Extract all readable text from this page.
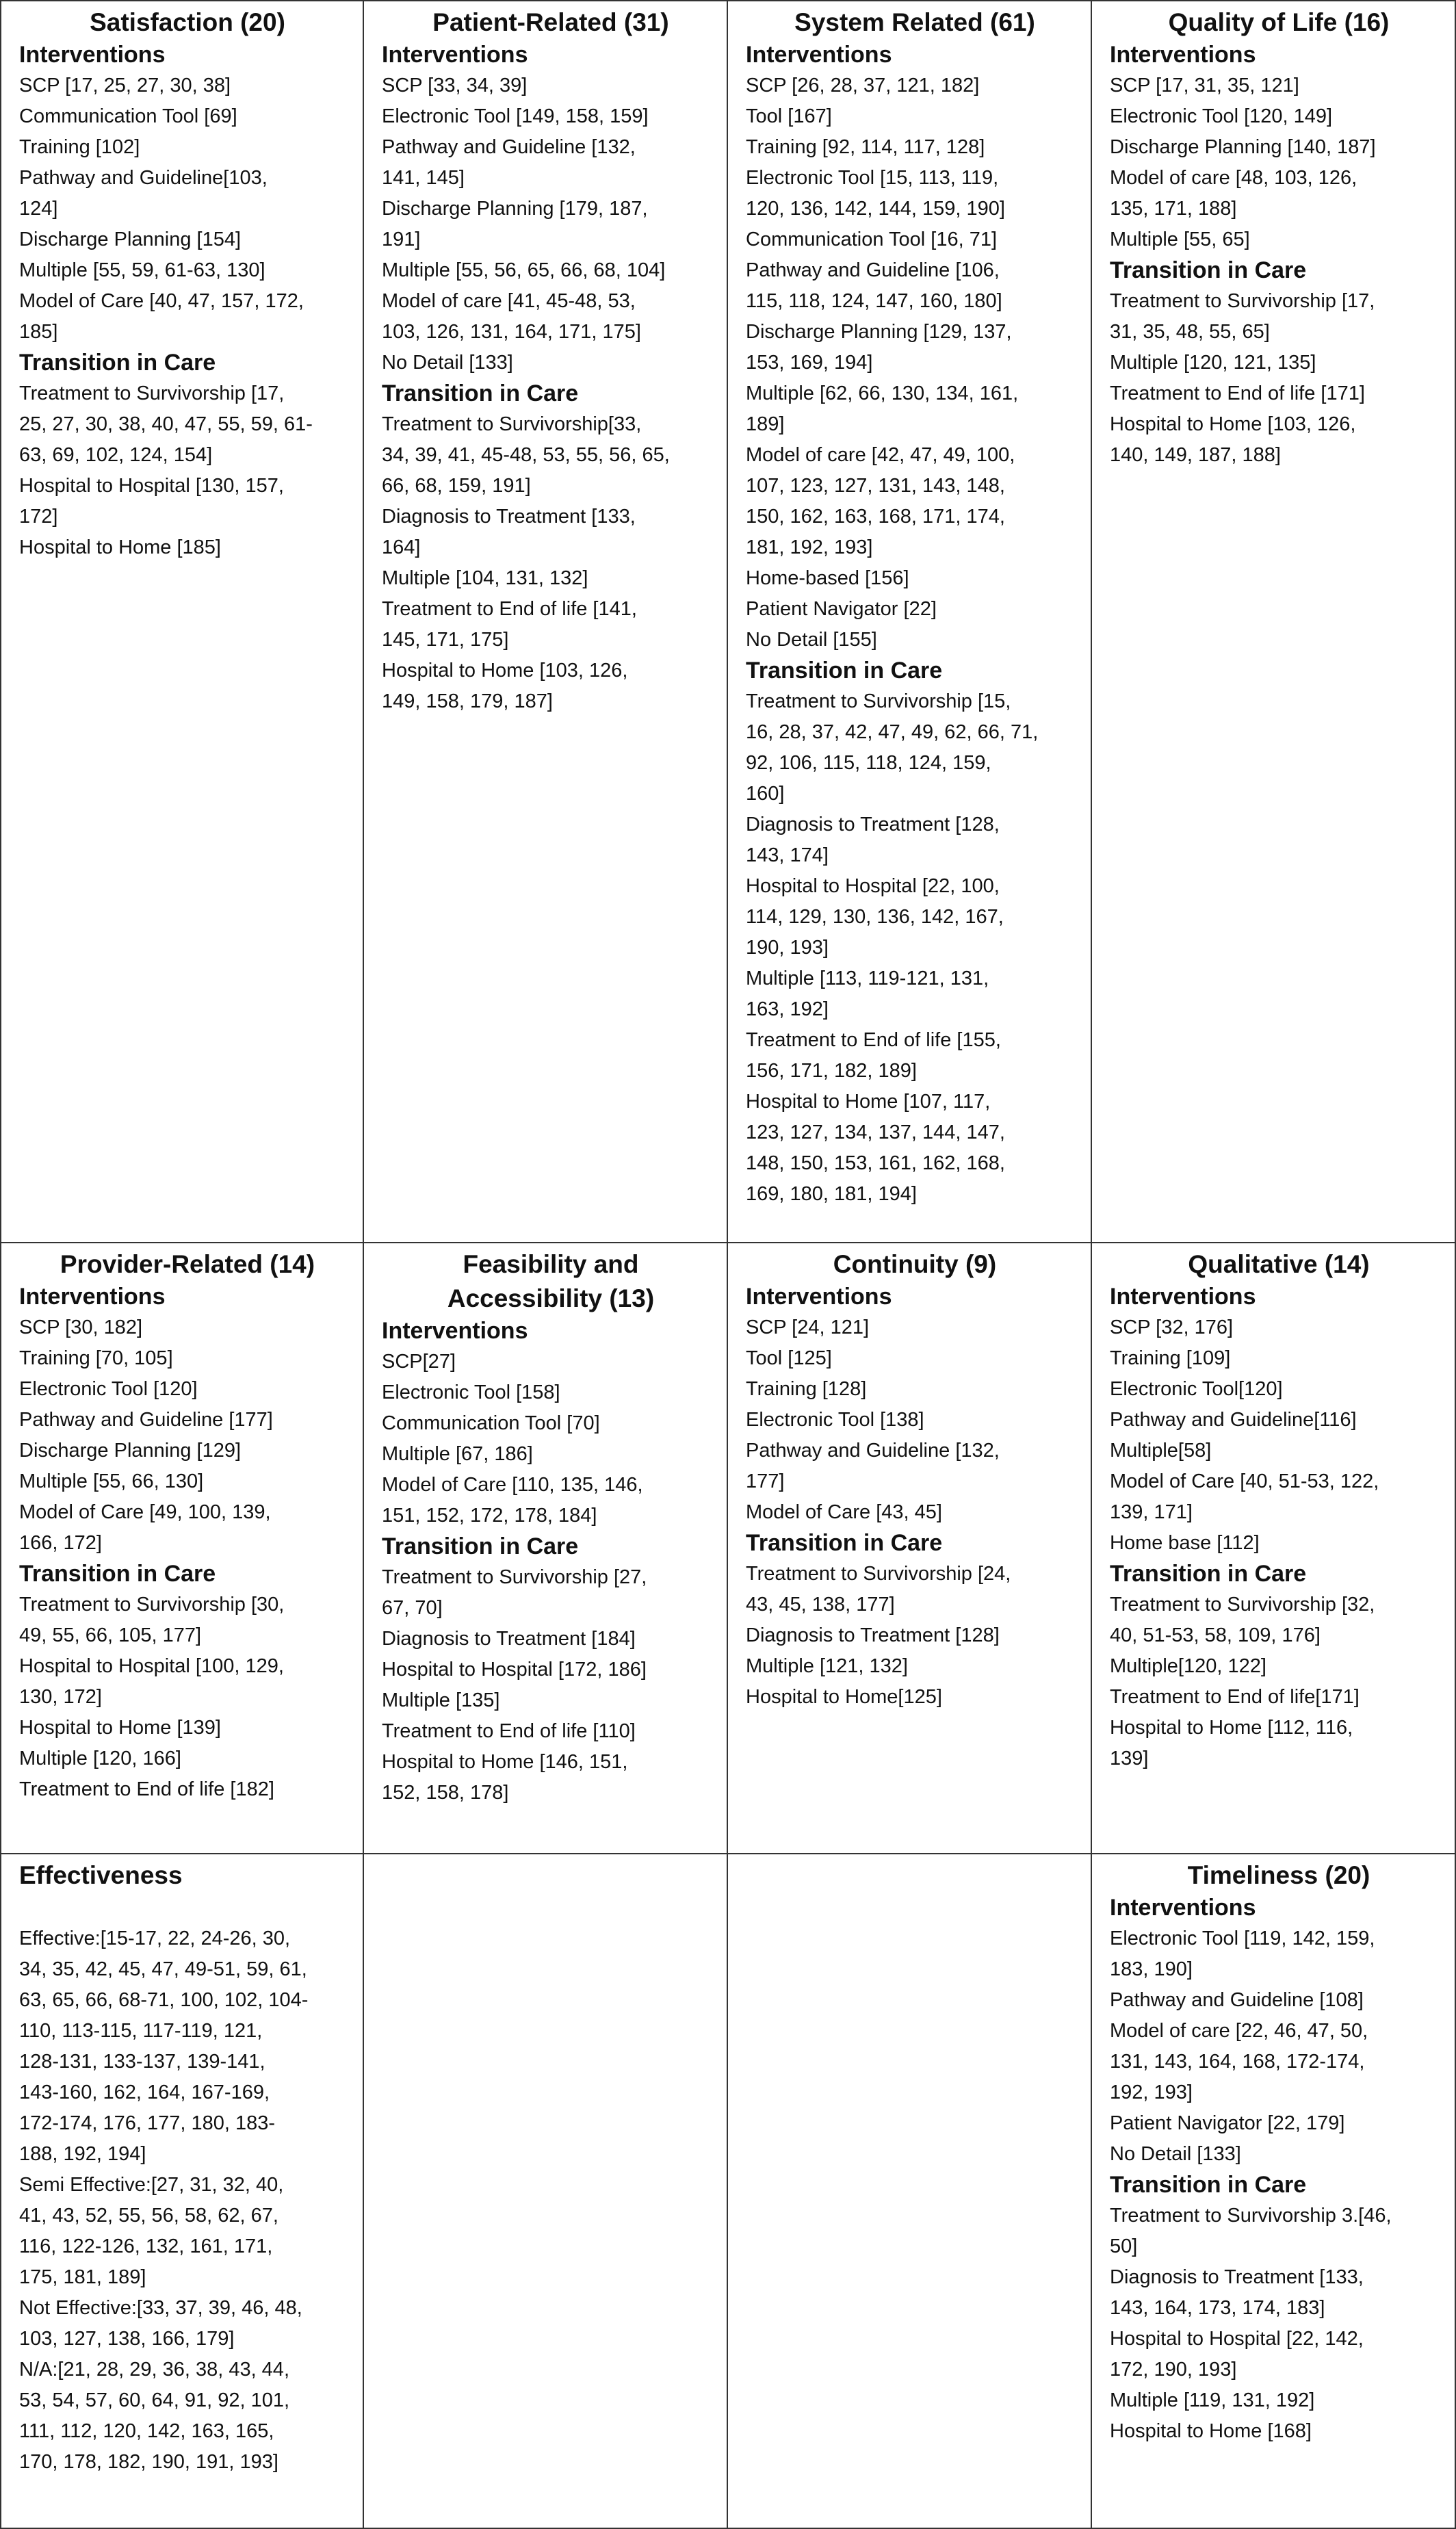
Satisfaction (20)
Interventions
SCP [17, 25, 27, 30, 38]
Communication Tool [69]
Training [102]
Pathway and Guideline[103,
124]
Discharge Planning [154]
Multiple [55, 59, 61-63, 130]
Model of Care [40, 47, 157, 172,
185]
Transition in Care
Treatment to Survivorship [17,
25, 27, 30, 38, 40, 47, 55, 59, 61-
63, 69, 102, 124, 154]
Hospital to Hospital [130, 157,
172]
Hospital to Home [185]
Patient-Related (31)
Interventions
SCP [33, 34, 39]
Electronic Tool [149, 158, 159]
Pathway and Guideline [132,
141, 145]
Discharge Planning [179, 187,
191]
Multiple [55, 56, 65, 66, 68, 104]
Model of care [41, 45-48, 53,
103, 126, 131, 164, 171, 175]
No Detail [133]
Transition in Care
Treatment to Survivorship[33,
34, 39, 41, 45-48, 53, 55, 56, 65,
66, 68, 159, 191]
Diagnosis to Treatment [133,
164]
Multiple [104, 131, 132]
Treatment to End of life [141,
145, 171, 175]
Hospital to Home [103, 126,
149, 158, 179, 187]
System Related (61)
Interventions
SCP [26, 28, 37, 121, 182]
Tool [167]
Training [92, 114, 117, 128]
Electronic Tool [15, 113, 119,
120, 136, 142, 144, 159, 190]
Communication Tool [16, 71]
Pathway and Guideline [106,
115, 118, 124, 147, 160, 180]
Discharge Planning [129, 137,
153, 169, 194]
Multiple [62, 66, 130, 134, 161,
189]
Model of care [42, 47, 49, 100,
107, 123, 127, 131, 143, 148,
150, 162, 163, 168, 171, 174,
181, 192, 193]
Home-based [156]
Patient Navigator [22]
No Detail [155]
Transition in Care
Treatment to Survivorship [15,
16, 28, 37, 42, 47, 49, 62, 66, 71,
92, 106, 115, 118, 124, 159,
160]
Diagnosis to Treatment [128,
143, 174]
Hospital to Hospital [22, 100,
114, 129, 130, 136, 142, 167,
190, 193]
Multiple [113, 119-121, 131,
163, 192]
Treatment to End of life [155,
156, 171, 182, 189]
Hospital to Home [107, 117,
123, 127, 134, 137, 144, 147,
148, 150, 153, 161, 162, 168,
169, 180, 181, 194]
Quality of Life (16)
Interventions
SCP [17, 31, 35, 121]
Electronic Tool [120, 149]
Discharge Planning [140, 187]
Model of care [48, 103, 126,
135, 171, 188]
Multiple [55, 65]
Transition in Care
Treatment to Survivorship [17,
31, 35, 48, 55, 65]
Multiple [120, 121, 135]
Treatment to End of life [171]
Hospital to Home [103, 126,
140, 149, 187, 188]
Provider-Related (14)
Interventions
SCP [30, 182]
Training [70, 105]
Electronic Tool [120]
Pathway and Guideline [177]
Discharge Planning [129]
Multiple [55, 66, 130]
Model of Care [49, 100, 139,
166, 172]
Transition in Care
Treatment to Survivorship [30,
49, 55, 66, 105, 177]
Hospital to Hospital [100, 129,
130, 172]
Hospital to Home [139]
Multiple [120, 166]
Treatment to End of life [182]
Feasibility and
Accessibility (13)
Interventions
SCP[27]
Electronic Tool [158]
Communication Tool [70]
Multiple [67, 186]
Model of Care [110, 135, 146,
151, 152, 172, 178, 184]
Transition in Care
Treatment to Survivorship [27,
67, 70]
Diagnosis to Treatment [184]
Hospital to Hospital [172, 186]
Multiple [135]
Treatment to End of life [110]
Hospital to Home [146, 151,
152, 158, 178]
Continuity (9)
Interventions
SCP [24, 121]
Tool [125]
Training [128]
Electronic Tool [138]
Pathway and Guideline [132,
177]
Model of Care [43, 45]
Transition in Care
Treatment to Survivorship [24,
43, 45, 138, 177]
Diagnosis to Treatment [128]
Multiple [121, 132]
Hospital to Home[125]
Qualitative (14)
Interventions
SCP [32, 176]
Training [109]
Electronic Tool[120]
Pathway and Guideline[116]
Multiple[58]
Model of Care [40, 51-53, 122,
139, 171]
Home base [112]
Transition in Care
Treatment to Survivorship [32,
40, 51-53, 58, 109, 176]
Multiple[120, 122]
Treatment to End of life[171]
Hospital to Home [112, 116,
139]
Effectiveness
Effective:[15-17, 22, 24-26, 30,
34, 35, 42, 45, 47, 49-51, 59, 61,
63, 65, 66, 68-71, 100, 102, 104-
110, 113-115, 117-119, 121,
128-131, 133-137, 139-141,
143-160, 162, 164, 167-169,
172-174, 176, 177, 180, 183-
188, 192, 194]
Semi Effective:[27, 31, 32, 40,
41, 43, 52, 55, 56, 58, 62, 67,
116, 122-126, 132, 161, 171,
175, 181, 189]
Not Effective:[33, 37, 39, 46, 48,
103, 127, 138, 166, 179]
N/A:[21, 28, 29, 36, 38, 43, 44,
53, 54, 57, 60, 64, 91, 92, 101,
111, 112, 120, 142, 163, 165,
170, 178, 182, 190, 191, 193]
Timeliness (20)
Interventions
Electronic Tool [119, 142, 159,
183, 190]
Pathway and Guideline [108]
Model of care [22, 46, 47, 50,
131, 143, 164, 168, 172-174,
192, 193]
Patient Navigator [22, 179]
No Detail [133]
Transition in Care
Treatment to Survivorship 3.[46,
50]
Diagnosis to Treatment [133,
143, 164, 173, 174, 183]
Hospital to Hospital [22, 142,
172, 190, 193]
Multiple [119, 131, 192]
Hospital to Home [168]
